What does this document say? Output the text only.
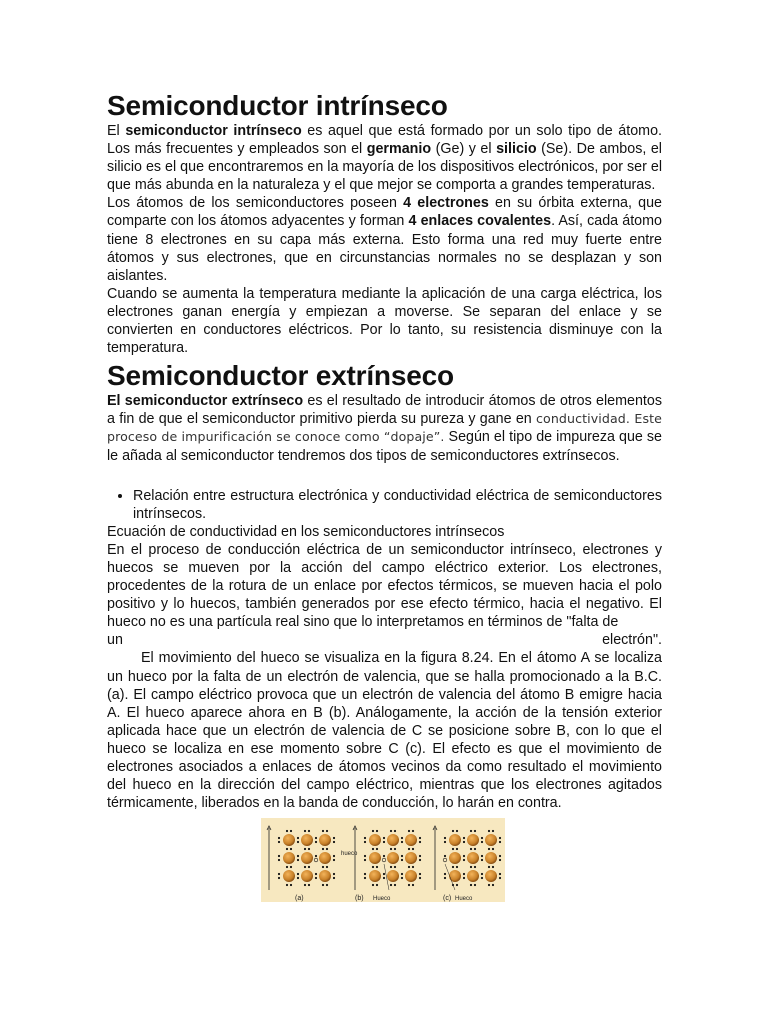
Semiconductor intrínseco

El semiconductor intrínseco es aquel que está formado por un solo tipo de átomo. Los más frecuentes y empleados son el germanio (Ge) y el silicio (Se). De ambos, el silicio es el que encontraremos en la mayoría de los dispositivos electrónicos, por ser el que más abunda en la naturaleza y el que mejor se comporta a grandes temperaturas.

Los átomos de los semiconductores poseen 4 electrones en su órbita externa, que comparte con los átomos adyacentes y forman 4 enlaces covalentes. Así, cada átomo tiene 8 electrones en su capa más externa. Esto forma una red muy fuerte entre átomos y sus electrones, que en circunstancias normales no se desplazan y son aislantes.

Cuando se aumenta la temperatura mediante la aplicación de una carga eléctrica, los electrones ganan energía y empiezan a moverse. Se separan del enlace y se convierten en conductores eléctricos. Por lo tanto, su resistencia disminuye con la temperatura.

Semiconductor extrínseco

El semiconductor extrínseco es el resultado de introducir átomos de otros elementos a fin de que el semiconductor primitivo pierda su pureza y gane en conductividad. Este proceso de impurificación se conoce como “dopaje”. Según el tipo de impureza que se le añada al semiconductor tendremos dos tipos de semiconductores extrínsecos.

• Relación entre estructura electrónica y conductividad eléctrica de semiconductores intrínsecos.

Ecuación de conductividad en los semiconductores intrínsecos

En el proceso de conducción eléctrica de un semiconductor intrínseco, electrones y huecos se mueven por la acción del campo eléctrico exterior. Los electrones, procedentes de la rotura de un enlace por efectos térmicos, se mueven hacia el polo positivo y lo huecos, también generados por ese efecto térmico, hacia el negativo. El hueco no es una partícula real sino que lo interpretamos en términos de "falta de

un	electrón".

El movimiento del hueco se visualiza en la figura 8.24. En el átomo A se localiza un hueco por la falta de un electrón de valencia, que se halla promocionado a la B.C. (a). El campo eléctrico provoca que un electrón de valencia del átomo B emigre hacia A. El hueco aparece ahora en B (b). Análogamente, la acción de la tensión exterior aplicada hace que un electrón de valencia de C se posicione sobre B, con lo que el hueco se localiza en ese momento sobre C (c). El efecto es que el movimiento de electrones asociados a enlaces de átomos vecinos da como resultado el movimiento del hueco en la dirección del campo eléctrico, mientras que los electrones agitados térmicamente, liberados en la banda de conducción, lo harán en contra.

hueco
(a)	(b) Hueco	(c) Hueco
